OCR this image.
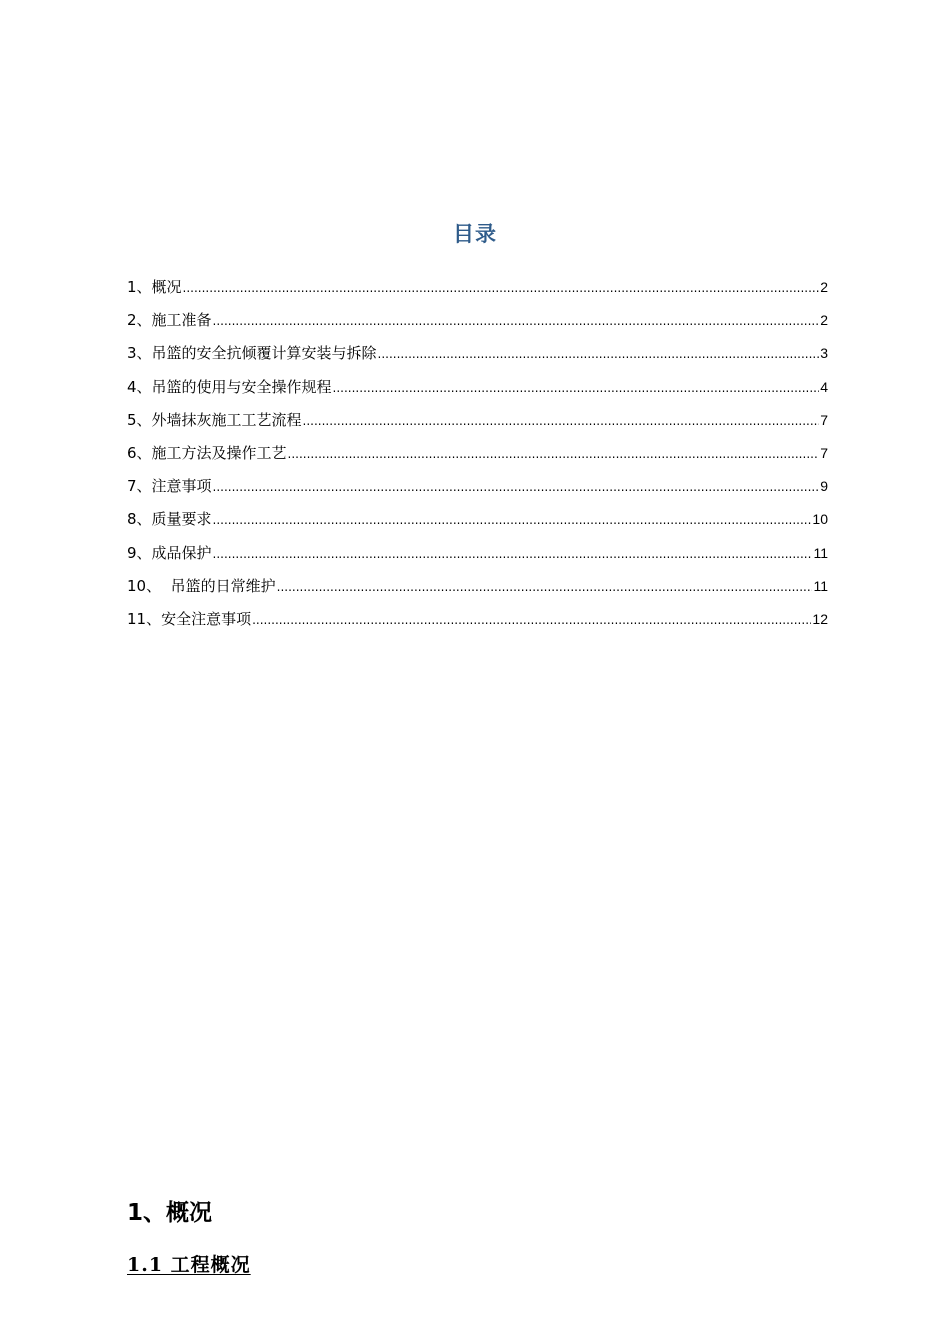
目录
1、概况 .....	2
2、施工准备 .....	2
3、吊篮的安全抗倾覆计算安装与拆除 .....	3
4、吊篮的使用与安全操作规程 .....	4
5、外墙抹灰施工工艺流程 .....	7
6、施工方法及操作工艺 .....	7
7、注意事项 .....	9
8、质量要求 .....	10
9、成品保护 .....	11
10、  吊篮的日常维护 .....	11
11、安全注意事项 .....	12
1、概况
1.1 工程概况
